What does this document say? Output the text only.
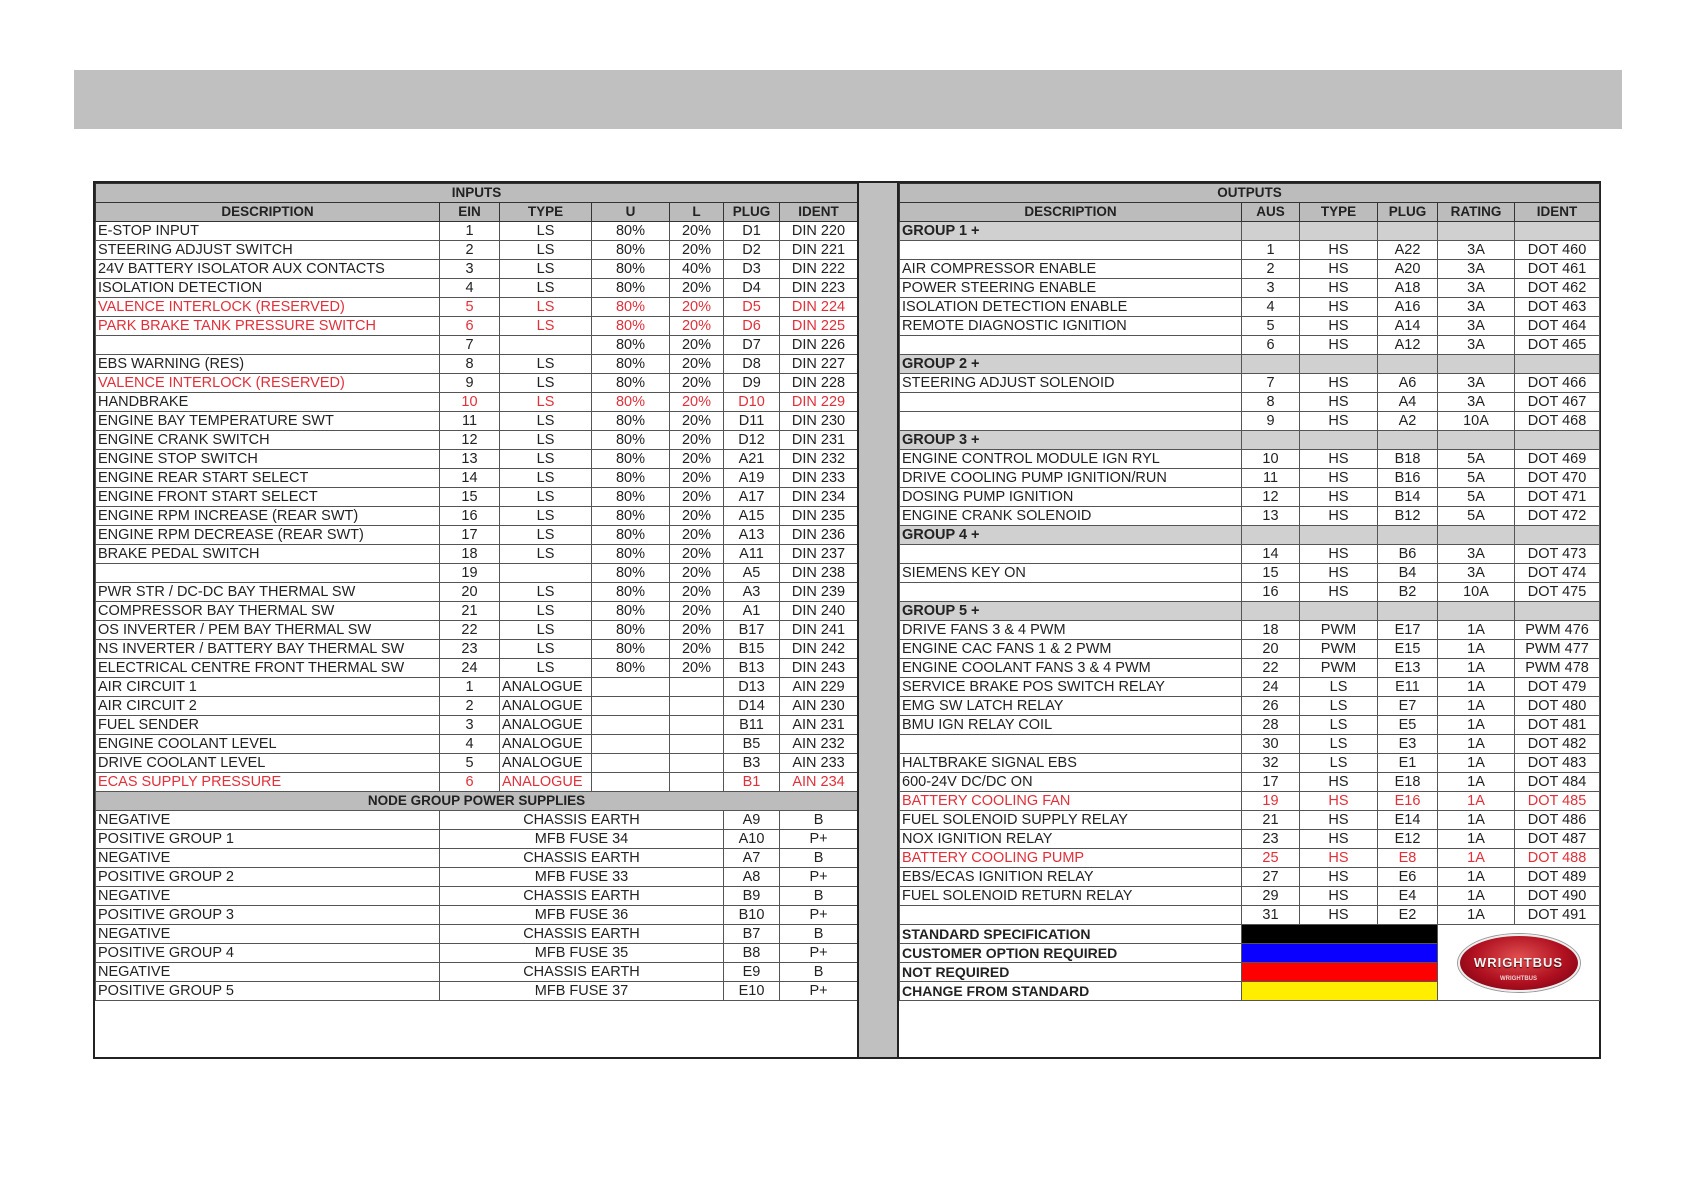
INPUTS						
DESCRIPTION	EIN	TYPE	U	L	PLUG	IDENT
E-STOP INPUT	1	LS	80%	20%	D1	DIN 220
STEERING ADJUST SWITCH	2	LS	80%	20%	D2	DIN 221
24V BATTERY ISOLATOR AUX CONTACTS	3	LS	80%	40%	D3	DIN 222
ISOLATION DETECTION	4	LS	80%	20%	D4	DIN 223
VALENCE INTERLOCK (RESERVED)	5	LS	80%	20%	D5	DIN 224
PARK BRAKE TANK PRESSURE SWITCH	6	LS	80%	20%	D6	DIN 225
	7		80%	20%	D7	DIN 226
EBS WARNING (RES)	8	LS	80%	20%	D8	DIN 227
VALENCE INTERLOCK (RESERVED)	9	LS	80%	20%	D9	DIN 228
HANDBRAKE	10	LS	80%	20%	D10	DIN 229
ENGINE BAY TEMPERATURE SWT	11	LS	80%	20%	D11	DIN 230
ENGINE CRANK SWITCH	12	LS	80%	20%	D12	DIN 231
ENGINE STOP SWITCH	13	LS	80%	20%	A21	DIN 232
ENGINE REAR START SELECT	14	LS	80%	20%	A19	DIN 233
ENGINE FRONT START SELECT	15	LS	80%	20%	A17	DIN 234
ENGINE RPM INCREASE (REAR SWT)	16	LS	80%	20%	A15	DIN 235
ENGINE RPM DECREASE (REAR SWT)	17	LS	80%	20%	A13	DIN 236
BRAKE PEDAL SWITCH	18	LS	80%	20%	A11	DIN 237
	19		80%	20%	A5	DIN 238
PWR STR / DC-DC BAY THERMAL SW	20	LS	80%	20%	A3	DIN 239
COMPRESSOR BAY THERMAL SW	21	LS	80%	20%	A1	DIN 240
OS INVERTER / PEM BAY THERMAL SW	22	LS	80%	20%	B17	DIN 241
NS INVERTER / BATTERY BAY THERMAL SW	23	LS	80%	20%	B15	DIN 242
ELECTRICAL CENTRE FRONT THERMAL SW	24	LS	80%	20%	B13	DIN 243
AIR CIRCUIT 1	1	ANALOGUE			D13	AIN 229
AIR CIRCUIT 2	2	ANALOGUE			D14	AIN 230
FUEL SENDER	3	ANALOGUE			B11	AIN 231
ENGINE COOLANT LEVEL	4	ANALOGUE			B5	AIN 232
DRIVE COOLANT LEVEL	5	ANALOGUE			B3	AIN 233
ECAS SUPPLY PRESSURE	6	ANALOGUE			B1	AIN 234
NODE GROUP POWER SUPPLIES						
NEGATIVE	CHASSIS EARTH				A9	B
POSITIVE GROUP 1	MFB FUSE 34				A10	P+
NEGATIVE	CHASSIS EARTH				A7	B
POSITIVE GROUP 2	MFB FUSE 33				A8	P+
NEGATIVE	CHASSIS EARTH				B9	B
POSITIVE GROUP 3	MFB FUSE 36				B10	P+
NEGATIVE	CHASSIS EARTH				B7	B
POSITIVE GROUP 4	MFB FUSE 35				B8	P+
NEGATIVE	CHASSIS EARTH				E9	B
POSITIVE GROUP 5	MFB FUSE 37				E10	P+
OUTPUTS					
DESCRIPTION	AUS	TYPE	PLUG	RATING	IDENT
GROUP 1 +					
	1	HS	A22	3A	DOT 460
AIR COMPRESSOR ENABLE	2	HS	A20	3A	DOT 461
POWER STEERING ENABLE	3	HS	A18	3A	DOT 462
ISOLATION DETECTION ENABLE	4	HS	A16	3A	DOT 463
REMOTE DIAGNOSTIC IGNITION	5	HS	A14	3A	DOT 464
	6	HS	A12	3A	DOT 465
GROUP 2 +					
STEERING ADJUST SOLENOID	7	HS	A6	3A	DOT 466
	8	HS	A4	3A	DOT 467
	9	HS	A2	10A	DOT 468
GROUP 3 +					
ENGINE CONTROL MODULE IGN RYL	10	HS	B18	5A	DOT 469
DRIVE COOLING PUMP IGNITION/RUN	11	HS	B16	5A	DOT 470
DOSING PUMP IGNITION	12	HS	B14	5A	DOT 471
ENGINE CRANK SOLENOID	13	HS	B12	5A	DOT 472
GROUP 4 +					
	14	HS	B6	3A	DOT 473
SIEMENS KEY ON	15	HS	B4	3A	DOT 474
	16	HS	B2	10A	DOT 475
GROUP 5 +					
DRIVE FANS 3 & 4 PWM	18	PWM	E17	1A	PWM 476
ENGINE CAC FANS 1 & 2 PWM	20	PWM	E15	1A	PWM 477
ENGINE COOLANT FANS 3 & 4 PWM	22	PWM	E13	1A	PWM 478
SERVICE BRAKE POS SWITCH RELAY	24	LS	E11	1A	DOT 479
EMG SW LATCH RELAY	26	LS	E7	1A	DOT 480
BMU IGN RELAY COIL	28	LS	E5	1A	DOT 481
	30	LS	E3	1A	DOT 482
HALTBRAKE SIGNAL EBS	32	LS	E1	1A	DOT 483
600-24V DC/DC ON	17	HS	E18	1A	DOT 484
BATTERY COOLING FAN	19	HS	E16	1A	DOT 485
FUEL SOLENOID SUPPLY RELAY	21	HS	E14	1A	DOT 486
NOX IGNITION RELAY	23	HS	E12	1A	DOT 487
BATTERY COOLING PUMP	25	HS	E8	1A	DOT 488
EBS/ECAS IGNITION RELAY	27	HS	E6	1A	DOT 489
FUEL SOLENOID RETURN RELAY	29	HS	E4	1A	DOT 490
	31	HS	E2	1A	DOT 491
STANDARD SPECIFICATION				WRIGHTBUS
WRIGHTBUS	

CUSTOMER OPTION REQUIRED					
NOT REQUIRED					
CHANGE FROM STANDARD					
